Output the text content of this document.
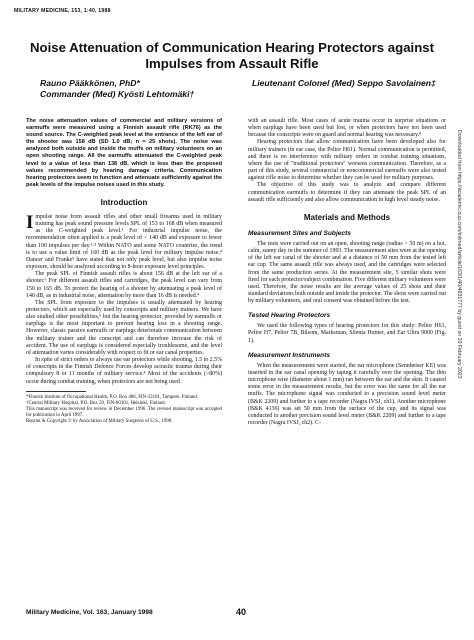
MILITARY MEDICINE, 153, 1:40, 1988
Noise Attenuation of Communication Hearing Protectors against Impulses from Assault Rifle
Rauno Pääkkönen, PhD*
Commander (Med) Kyösti Lehtomäki†
Lieutenant Colonel (Med) Seppo Savolainen‡
The noise attenuation values of commercial and military versions of earmuffs were measured using a Finnish assault rifle (RK76) as the sound source. The C-weighted peak level at the entrance of the left ear of the shooter was 158 dB (SD 1.0 dB; n = 25 shots). The noise was analyzed both outside and inside the muffs on military volunteers on an open shooting range. All the earmuffs attenuated the C-weighted peak level to a value of less than 138 dB, which is less than the proposed values recommended by hearing damage criteria. Communication hearing protectors seem to function and attenuate sufficiently against the peak levels of the impulse noises used in this study.
Introduction

Impulse noise from assault rifles and other small firearms used in military training has peak sound pressure levels SPL of 153 to 168 dB when measured as the C-weighted peak level.¹ For industrial impulse noise, the recommendation often applied is a peak level of < 140 dB and exposure to fewer than 100 impulses per day.²·³ Within NATO and some NATO countries, the trend is to use a value limit of 160 dB as the peak level for military impulse noise.⁴ Dancer and Franke⁵ have stated that not only peak level, but also impulse noise exposure, should be analyzed according to 8-hour exposure level principles.

The peak SPL of Finnish assault rifles is about 156 dB at the left ear of a shooter.⁶ For different assault rifles and cartridges, the peak level can vary from 150 to 165 dB. To protect the hearing of a shooter by attenuating a peak level of 140 dB, as in industrial noise, attenuation by more than 16 dB is needed.⁴

The SPL from exposure to the impulses is usually attenuated by hearing protectors, which are especially used by conscripts and military trainers. We have also studied other possibilities,⁵ but the hearing protector, provided by earmuffs or earplugs is the most important to prevent hearing loss in a shooting range. However, classic passive earmuffs or earplugs deteriorate communication between the military trainer and the conscript and can therefore increase the risk of accident. The use of earplugs is considered especially troublesome, and the level of attenuation varies considerably with respect to fit or ear canal properties.

In spite of strict orders to always use ear protectors while shooting, 1.5 to 2.5% of conscripts in the Finnish Defence Forces develop acoustic trauma during their compulsory 8 or 11 months of military service.⁸ Most of the accidents (>80%) occur during combat training, when protectors are not being used

*Finnish Institute of Occupational Health, P.O. Box 486, FIN-33101, Tampere, Finland.

†Central Military Hospital, P.O. Box 50, FIN-00301, Helsinki, Finland.

This manuscript was received for review in December 1996. The revised manuscript was accepted for publication in April 1997.

Reprint & Copyright © by Association of Military Surgeons of U.S., 1998.

with an assault rifle. Most cases of acute trauma occur in surprise situations or when earplugs have been used but lost, or when protectors have not been used because the conscripts were on guard and normal hearing was necessary.⁸

Hearing protectors that allow communication have been developed also for military trainers (in ear case, the Peltor H61). Normal communication is permitted, and there is no interference with military orders in combat training situations, where the use of "traditional protectors" worsens communication. Therefore, as a part of this study, several commercial or noncommercial earmuffs were also tested against rifle noise to determine whether they can be used for military purposes.

The objective of this study was to analyze and compare different communication earmuffs to determine if they can attenuate the peak SPL of an assault rifle sufficiently and also allow communication in high level steady noise.

Materials and Methods
Measurement Sites and Subjects

The tests were carried out on an open, shooting range (radius > 50 m) on a hot, calm, sunny day in the summer of 1993. The measurement sites were at the opening of the left ear canal of the shooter and at a distance of 50 mm from the tested left ear cup. The same assault rifle was always used, and the cartridges were selected from the same production series. At the measurement site, 5 similar shots were fired for each protector/subject combination. Five different military volunteers were used. Therefore, the noise results are the average values of 25 shots and their standard deviations both outside and inside the protector. The shots were carried out by military volunteers, and oral consent was obtained before the test.

Tested Hearing Protectors

We used the following types of hearing protectors for this study: Peltor H61, Peltor H7, Peltor 7B, Bilsom, Marksman, Silenta Hunter, and Ear Ultra 9000 (Fig. 1).

Measurement Instruments

When the measurements were started, the ear microphone (Sennheiser KE) was inserted in the ear canal opening by taping it carefully over the opening. The thin microphone wire (diameter about 1 mm) ran between the ear and the skin. It caused some error in the measurement results, but the error was the same for all the ear muffs. The microphone signal was conducted to a precision sound level meter (B&K 2209) and further to a tape recorder (Nagra IVSJ, ch1). Another microphone (B&K 4136) was set 50 mm from the surface of the cup, and its signal was conducted to another precision sound level meter (B&K 2209) and further to a tape recorder (Nagra IVSJ, ch2). C-

Military Medicine, Vol. 163, January 1998	40
Downloaded from https://academic.oup.com/milmed/article/163/1/40/4831777 by guest on 20 February 2023
